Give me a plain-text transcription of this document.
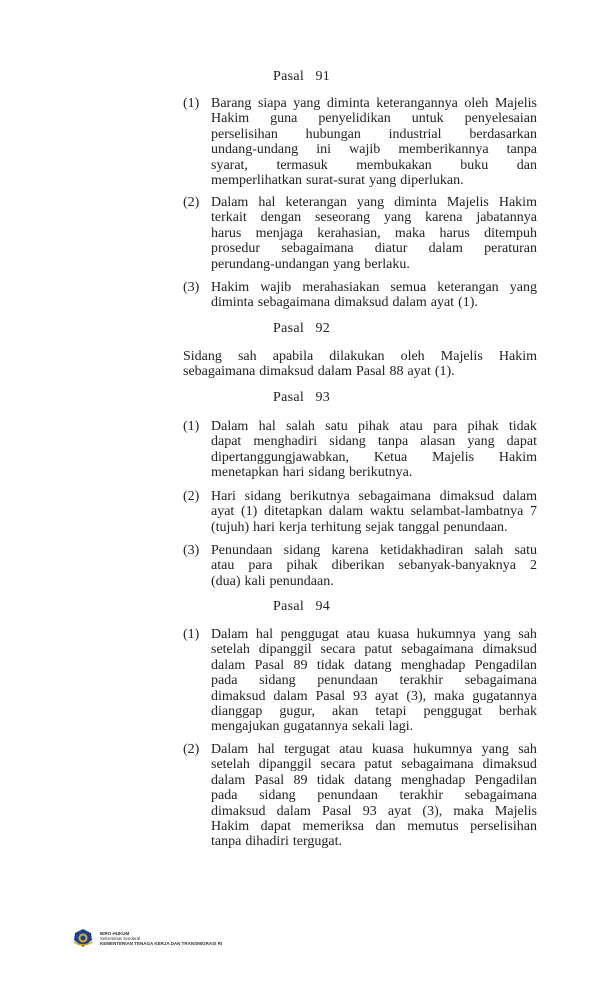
Pasal   91
(1) Barang siapa yang diminta keterangannya oleh Majelis
Hakim guna penyelidikan untuk penyelesaian
perselisihan hubungan industrial berdasarkan
undang-undang ini wajib memberikannya tanpa
syarat, termasuk membukakan buku dan
memperlihatkan surat-surat yang diperlukan.
(2) Dalam hal keterangan yang diminta Majelis Hakim
terkait dengan seseorang yang karena jabatannya
harus menjaga kerahasian, maka harus ditempuh
prosedur sebagaimana diatur dalam peraturan
perundang-undangan yang berlaku.
(3) Hakim wajib merahasiakan semua keterangan yang
diminta sebagaimana dimaksud dalam ayat (1).
Pasal   92
Sidang sah apabila dilakukan oleh Majelis Hakim
sebagaimana dimaksud dalam Pasal 88 ayat (1).
Pasal   93
(1) Dalam hal salah satu pihak atau para pihak tidak
dapat menghadiri sidang tanpa alasan yang dapat
dipertanggungjawabkan, Ketua Majelis Hakim
menetapkan hari sidang berikutnya.
(2) Hari sidang berikutnya sebagaimana dimaksud dalam
ayat (1) ditetapkan dalam waktu selambat-lambatnya 7
(tujuh) hari kerja terhitung sejak tanggal penundaan.
(3) Penundaan sidang karena ketidakhadiran salah satu
atau para pihak diberikan sebanyak-banyaknya 2
(dua) kali penundaan.
Pasal   94
(1) Dalam hal penggugat atau kuasa hukumnya yang sah
setelah dipanggil secara patut sebagaimana dimaksud
dalam Pasal 89 tidak datang menghadap Pengadilan
pada sidang penundaan terakhir sebagaimana
dimaksud dalam Pasal 93 ayat (3), maka gugatannya
dianggap gugur, akan tetapi penggugat berhak
mengajukan gugatannya sekali lagi.
(2) Dalam hal tergugat atau kuasa hukumnya yang sah
setelah dipanggil secara patut sebagaimana dimaksud
dalam Pasal 89 tidak datang menghadap Pengadilan
pada sidang penundaan terakhir sebagaimana
dimaksud dalam Pasal 93 ayat (3), maka Majelis
Hakim dapat memeriksa dan memutus perselisihan
tanpa dihadiri tergugat.
BIRO HUKUM
Sekretariat Jenderal
KEMENTERIAN TENAGA KERJA DAN TRANSMIGRASI RI
